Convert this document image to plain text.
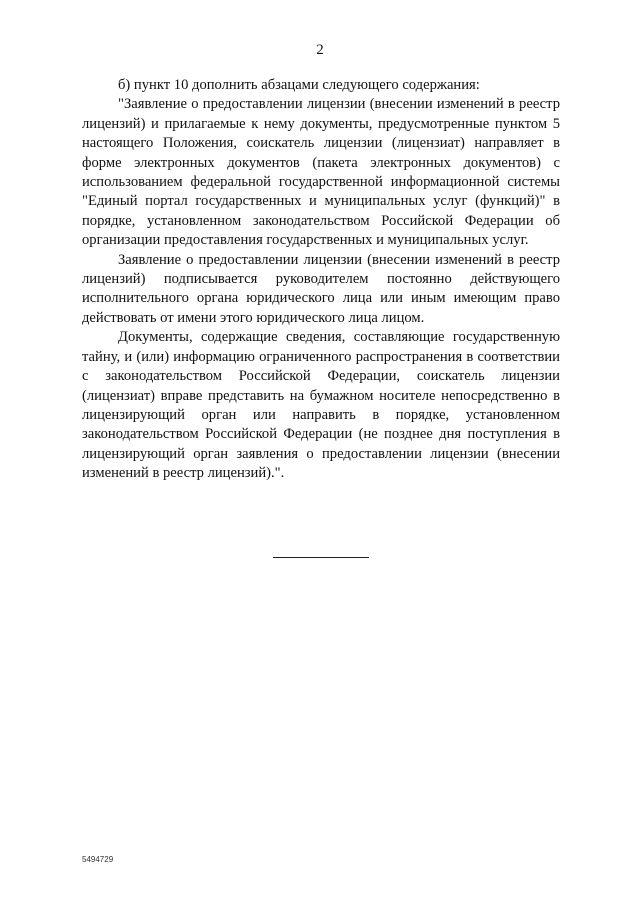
2

б) пункт 10 дополнить абзацами следующего содержания:

"Заявление о предоставлении лицензии (внесении изменений в реестр лицензий) и прилагаемые к нему документы, предусмотренные пунктом 5 настоящего Положения, соискатель лицензии (лицензиат) направляет в форме электронных документов (пакета электронных документов) с использованием федеральной государственной информационной системы "Единый портал государственных и муниципальных услуг (функций)" в порядке, установленном законодательством Российской Федерации об организации предоставления государственных и муниципальных услуг.

Заявление о предоставлении лицензии (внесении изменений в реестр лицензий) подписывается руководителем постоянно действующего исполнительного органа юридического лица или иным имеющим право действовать от имени этого юридического лица лицом.

Документы, содержащие сведения, составляющие государственную тайну, и (или) информацию ограниченного распространения в соответствии с законодательством Российской Федерации, соискатель лицензии (лицензиат) вправе представить на бумажном носителе непосредственно в лицензирующий орган или направить в порядке, установленном законодательством Российской Федерации (не позднее дня поступления в лицензирующий орган заявления о предоставлении лицензии (внесении изменений в реестр лицензий).".

5494729
